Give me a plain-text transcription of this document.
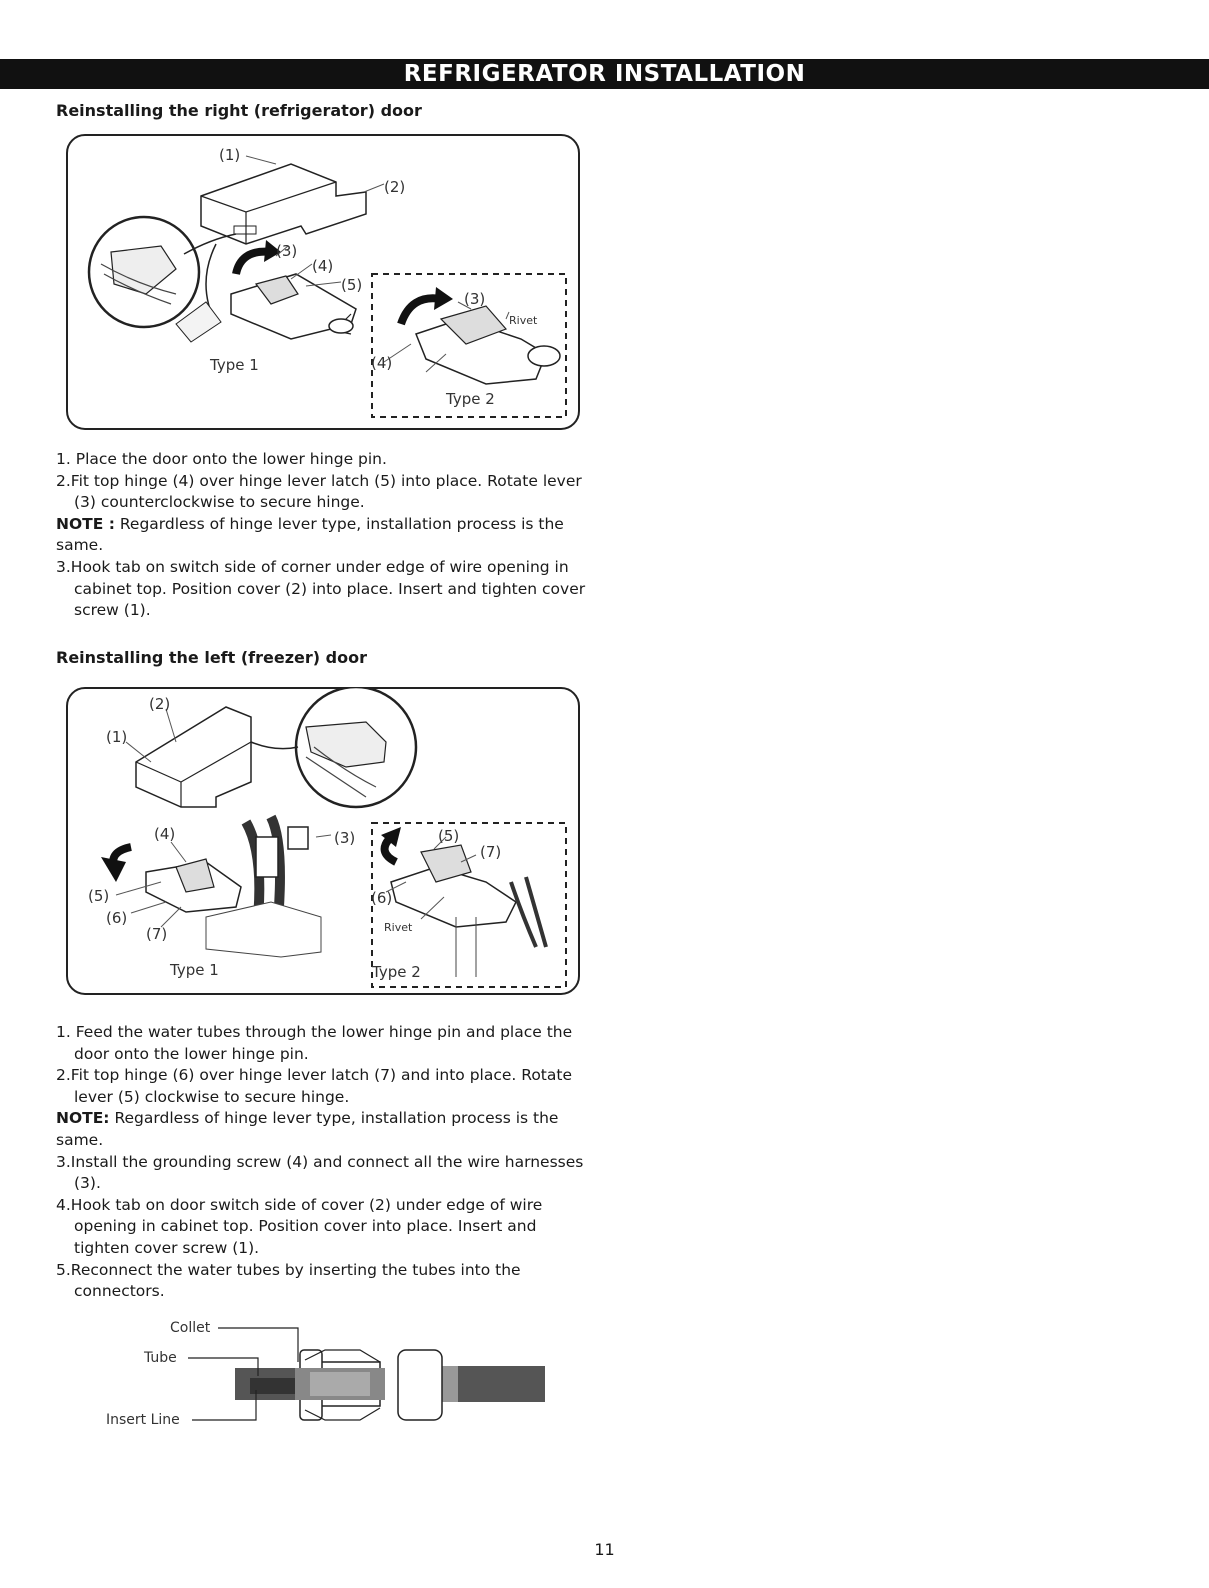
REFRIGERATOR INSTALLATION
Reinstalling the right (refrigerator) door
(1)
(2)
(3)
(4)
(5)
Type 1
(3)
Rivet
(4)
Type 2

1. Place the door onto the lower hinge pin.

2.Fit top hinge (4) over hinge lever latch (5) into place. Rotate lever (3) counterclockwise to secure hinge.

NOTE : Regardless of hinge lever type, installation process is the same.

3.Hook tab on switch side of corner under edge of wire opening in cabinet top. Position cover (2) into place. Insert and tighten cover screw (1).

Reinstalling the left (freezer) door
(2)
(1)
(4)	(3)
(5)
(6)
(7)
Type 1
(5)
(7)
(6)
Rivet
Type 2

1. Feed the water tubes through the lower hinge pin and place the door onto the lower hinge pin.

2.Fit top hinge (6) over hinge lever latch (7) and into place. Rotate lever (5) clockwise to secure hinge.

NOTE: Regardless of hinge lever type, installation process is the same.

3.Install the grounding screw (4) and connect all the wire harnesses (3).

4.Hook tab on door switch side of cover (2) under edge of wire opening in cabinet top. Position cover into place. Insert and tighten cover screw (1).

5.Reconnect the water tubes by inserting the tubes into the connectors.

Collet
Tube
Insert Line
11
